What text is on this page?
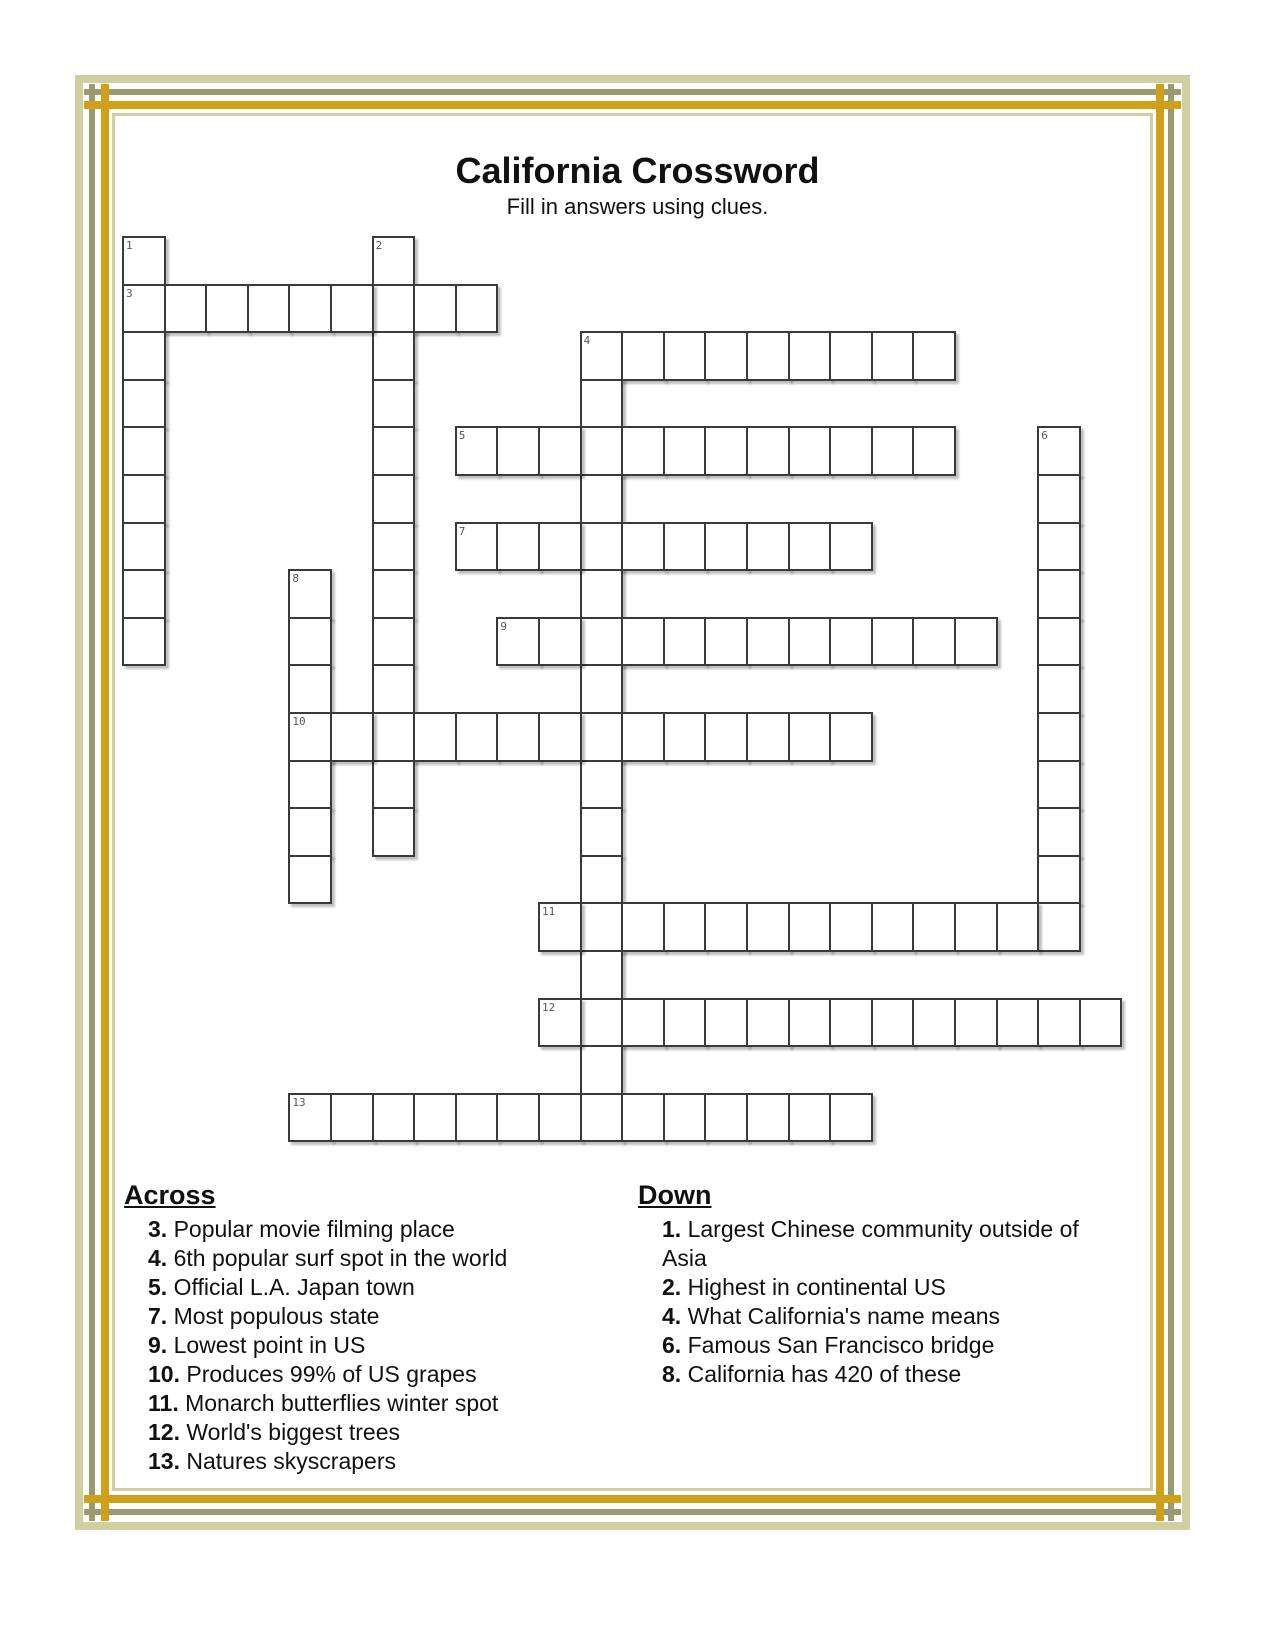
California Crossword
Fill in answers using clues.
1
3
2
4
5	6
7
8
10
9
11
12
13
Across
3. Popular movie filming place
4. 6th popular surf spot in the world
5. Official L.A. Japan town
7. Most populous state
9. Lowest point in US
10. Produces 99% of US grapes
11. Monarch butterflies winter spot
12. World's biggest trees
13. Natures skyscrapers
Down
1. Largest Chinese community outside of Asia
2. Highest in continental US
4. What California's name means
6. Famous San Francisco bridge
8. California has 420 of these
